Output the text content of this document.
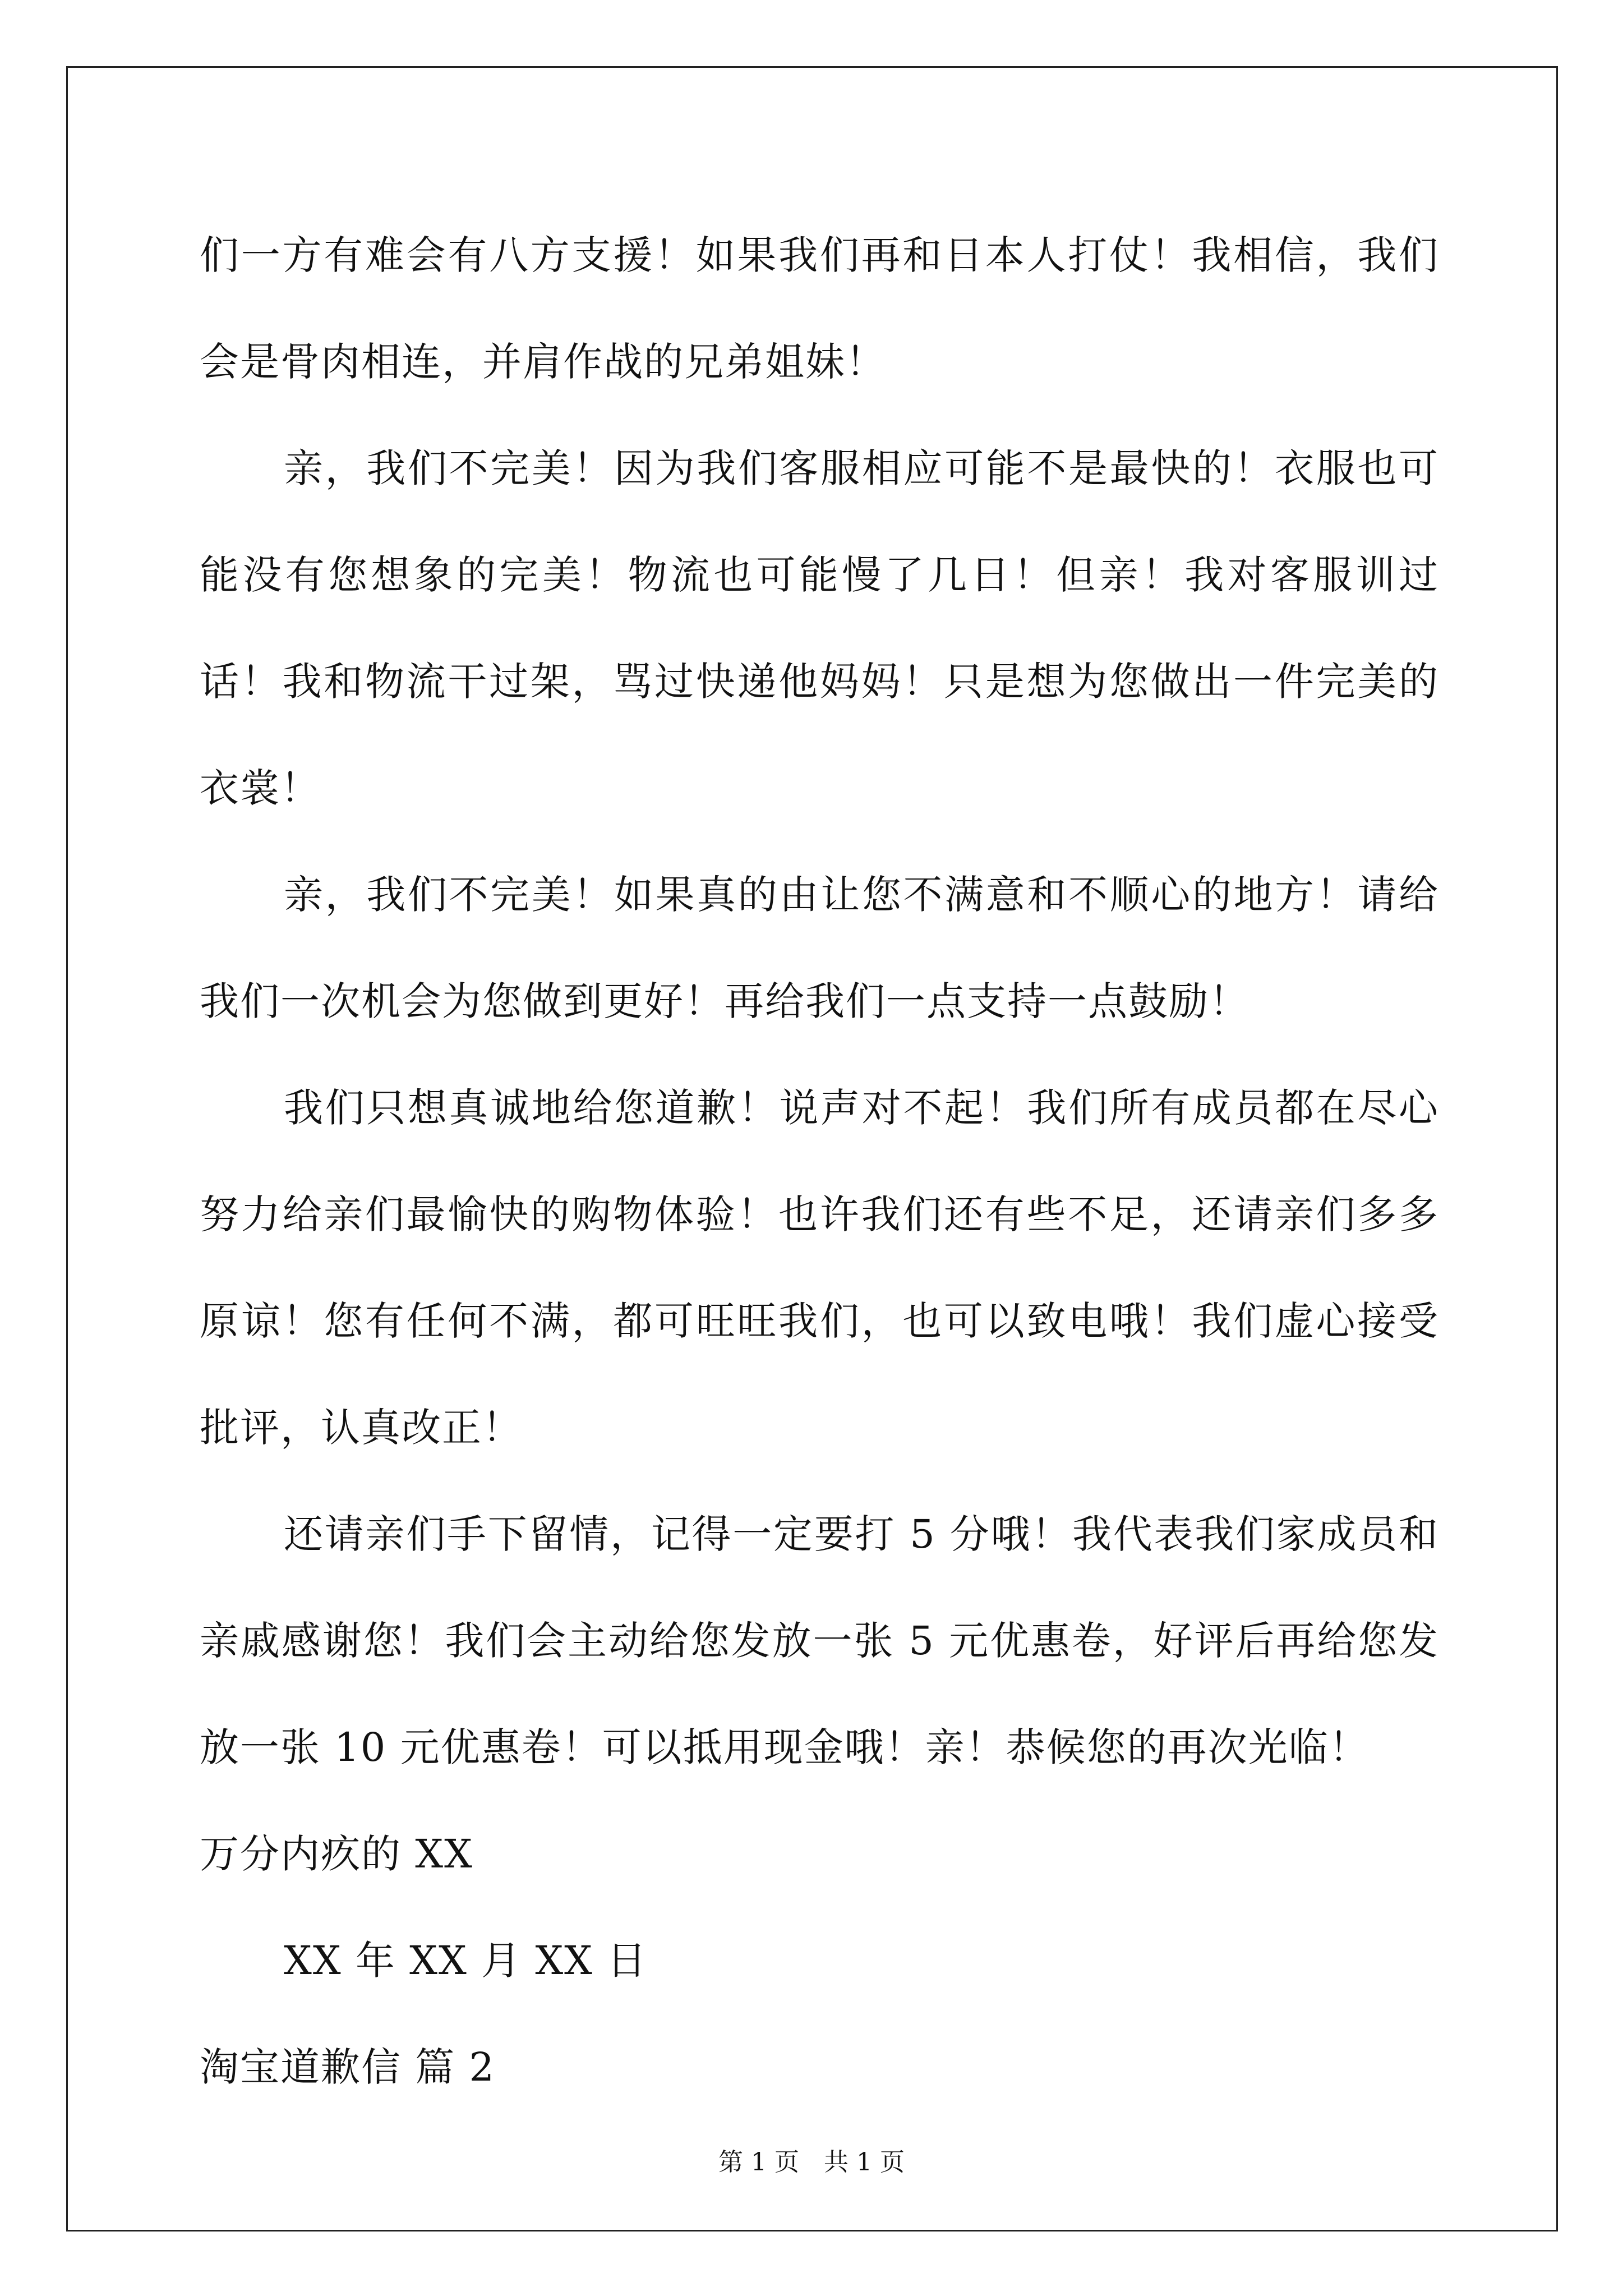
们一方有难会有八方支援！如果我们再和日本人打仗！我相信，我们会是骨肉相连，并肩作战的兄弟姐妹！

亲，我们不完美！因为我们客服相应可能不是最快的！衣服也可能没有您想象的完美！物流也可能慢了几日！但亲！我对客服训过话！我和物流干过架，骂过快递他妈妈！只是想为您做出一件完美的衣裳！

亲，我们不完美！如果真的由让您不满意和不顺心的地方！请给我们一次机会为您做到更好！再给我们一点支持一点鼓励！

我们只想真诚地给您道歉！说声对不起！我们所有成员都在尽心努力给亲们最愉快的购物体验！也许我们还有些不足，还请亲们多多原谅！您有任何不满，都可旺旺我们，也可以致电哦！我们虚心接受批评，认真改正！

还请亲们手下留情，记得一定要打 5 分哦！我代表我们家成员和亲戚感谢您！我们会主动给您发放一张 5 元优惠卷，好评后再给您发放一张 10 元优惠卷！可以抵用现金哦！亲！恭候您的再次光临！

万分内疚的 XX

XX 年 XX 月 XX 日

淘宝道歉信 篇 2

第 1 页　共 1 页
